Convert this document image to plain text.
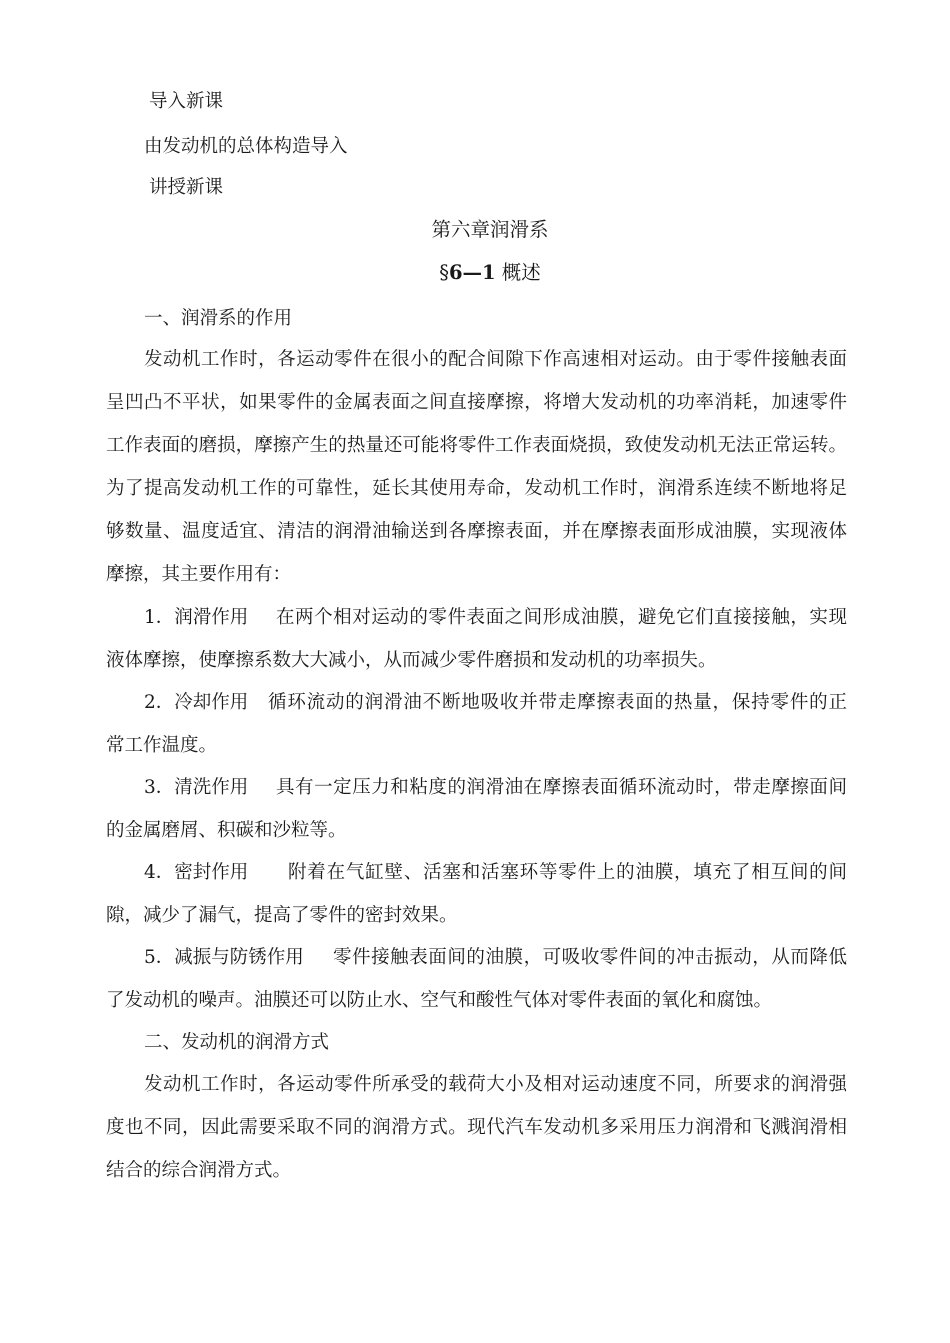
导入新课
由发动机的总体构造导入
讲授新课
第六章润滑系
§6—1 概述
一、润滑系的作用
发动机工作时，各运动零件在很小的配合间隙下作高速相对运动。由于零件接触表面
呈凹凸不平状，如果零件的金属表面之间直接摩擦，将增大发动机的功率消耗，加速零件
工作表面的磨损，摩擦产生的热量还可能将零件工作表面烧损，致使发动机无法正常运转。
为了提高发动机工作的可靠性，延长其使用寿命，发动机工作时，润滑系连续不断地将足
够数量、温度适宜、清洁的润滑油输送到各摩擦表面，并在摩擦表面形成油膜，实现液体
摩擦，其主要作用有：
1．润滑作用 在两个相对运动的零件表面之间形成油膜，避免它们直接接触，实现
液体摩擦，使摩擦系数大大减小，从而减少零件磨损和发动机的功率损失。
2．冷却作用 循环流动的润滑油不断地吸收并带走摩擦表面的热量，保持零件的正
常工作温度。
3．清洗作用 具有一定压力和粘度的润滑油在摩擦表面循环流动时，带走摩擦面间
的金属磨屑、积碳和沙粒等。
4．密封作用 附着在气缸壁、活塞和活塞环等零件上的油膜，填充了相互间的间
隙，减少了漏气，提高了零件的密封效果。
5．减振与防锈作用 零件接触表面间的油膜，可吸收零件间的冲击振动，从而降低
了发动机的噪声。油膜还可以防止水、空气和酸性气体对零件表面的氧化和腐蚀。
二、发动机的润滑方式
发动机工作时，各运动零件所承受的载荷大小及相对运动速度不同，所要求的润滑强
度也不同，因此需要采取不同的润滑方式。现代汽车发动机多采用压力润滑和飞溅润滑相
结合的综合润滑方式。
